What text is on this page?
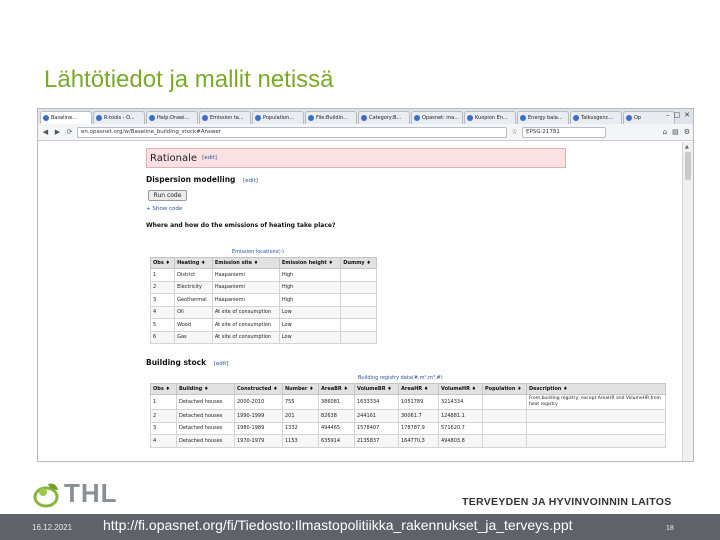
Lähtötiedot ja mallit netissä
Baseline...	R-tools - O...	Help:Drawi...	Emission ta...	Population...	File:Buildin...	Category:B...	Opasnet: ma...	Kuopion En...	Energy bala...	Talkusgenc...	Op	– □ ✕
◀ ▶ ⟳	en.opasnet.org/w/Baseline_building_stock#Answer	☆	EPSG:21781	⌂ ▤ ⚙
Rationale [edit]
Dispersion modelling [edit]
Run code
+ Show code
Where and how do the emissions of heating take place?
Emission locations(-)
Obs ♦	Heating ♦	Emission site ♦	Emission height ♦	Dummy ♦
1	District	Haapaniemi	High	
2	Electricity	Haapaniemi	High	
3	Geothermal	Haapaniemi	High	
4	Oil	At site of consumption	Low	
5	Wood	At site of consumption	Low	
6	Gas	At site of consumption	Low	
Building stock [edit]
Building registry data(#,m²,m³,#)
Obs ♦	Building ♦	Constructed ♦	Number ♦	AreaBR ♦	VolumeBR ♦	AreaHR ♦	VolumeHR ♦	Population ♦	Description ♦
1	Detached houses	2000-2010	755	386081	1633334	1051789	3214334		From building registry, except AreaHR and VolumeHR from heat registry
2	Detached houses	1990-1999	201	82638	244161	30061.7	124881.1		
3	Detached houses	1980-1989	1332	494465	1578407	178787.9	571620.7		
4	Detached houses	1970-1979	1153	635914	2135837	164770.3	494803.8		
▲
THL	TERVEYDEN JA HYVINVOINNIN LAITOS
16.12.2021 http://fi.opasnet.org/fi/Tiedosto:Ilmastopolitiikka_rakennukset_ja_terveys.ppt	18
